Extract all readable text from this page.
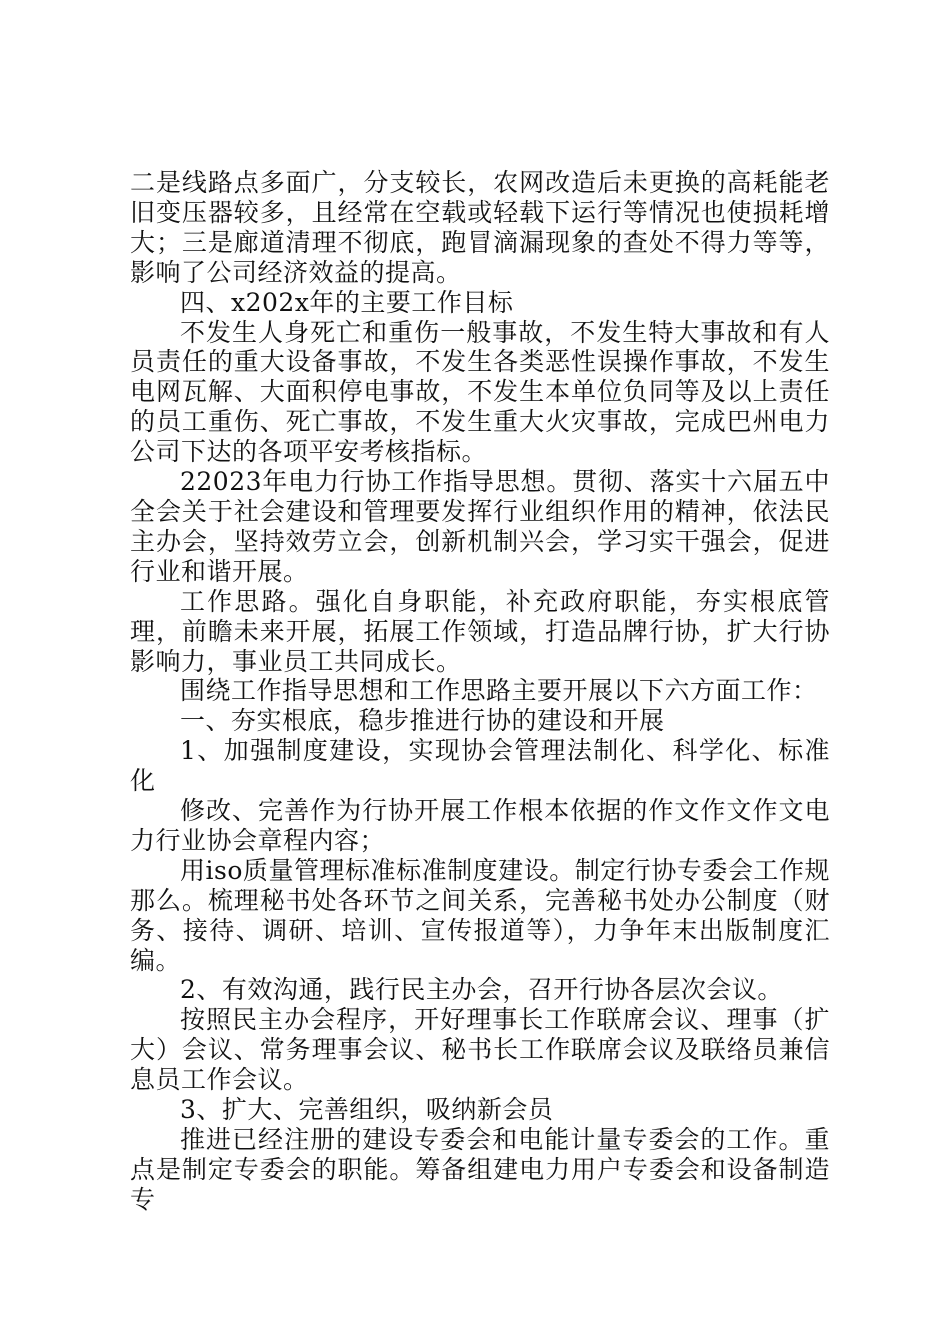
二是线路点多面广，分支较长，农网改造后未更换的高耗能老旧变压器较多，且经常在空载或轻载下运行等情况也使损耗增大；三是廊道清理不彻底，跑冒滴漏现象的查处不得力等等，影响了公司经济效益的提高。

四、x202x年的主要工作目标

不发生人身死亡和重伤一般事故，不发生特大事故和有人员责任的重大设备事故，不发生各类恶性误操作事故，不发生电网瓦解、大面积停电事故，不发生本单位负同等及以上责任的员工重伤、死亡事故，不发生重大火灾事故，完成巴州电力公司下达的各项平安考核指标。

22023年电力行协工作指导思想。贯彻、落实十六届五中全会关于社会建设和管理要发挥行业组织作用的精神，依法民主办会，坚持效劳立会，创新机制兴会，学习实干强会，促进行业和谐开展。

工作思路。强化自身职能，补充政府职能，夯实根底管理，前瞻未来开展，拓展工作领域，打造品牌行协，扩大行协影响力，事业员工共同成长。

围绕工作指导思想和工作思路主要开展以下六方面工作：

一、夯实根底，稳步推进行协的建设和开展

1、加强制度建设，实现协会管理法制化、科学化、标准化

修改、完善作为行协开展工作根本依据的作文作文作文电力行业协会章程内容；

用iso质量管理标准标准制度建设。制定行协专委会工作规那么。梳理秘书处各环节之间关系，完善秘书处办公制度（财务、接待、调研、培训、宣传报道等），力争年末出版制度汇编。

2、有效沟通，践行民主办会，召开行协各层次会议。

按照民主办会程序，开好理事长工作联席会议、理事（扩大）会议、常务理事会议、秘书长工作联席会议及联络员兼信息员工作会议。

3、扩大、完善组织，吸纳新会员

推进已经注册的建设专委会和电能计量专委会的工作。重点是制定专委会的职能。筹备组建电力用户专委会和设备制造专
